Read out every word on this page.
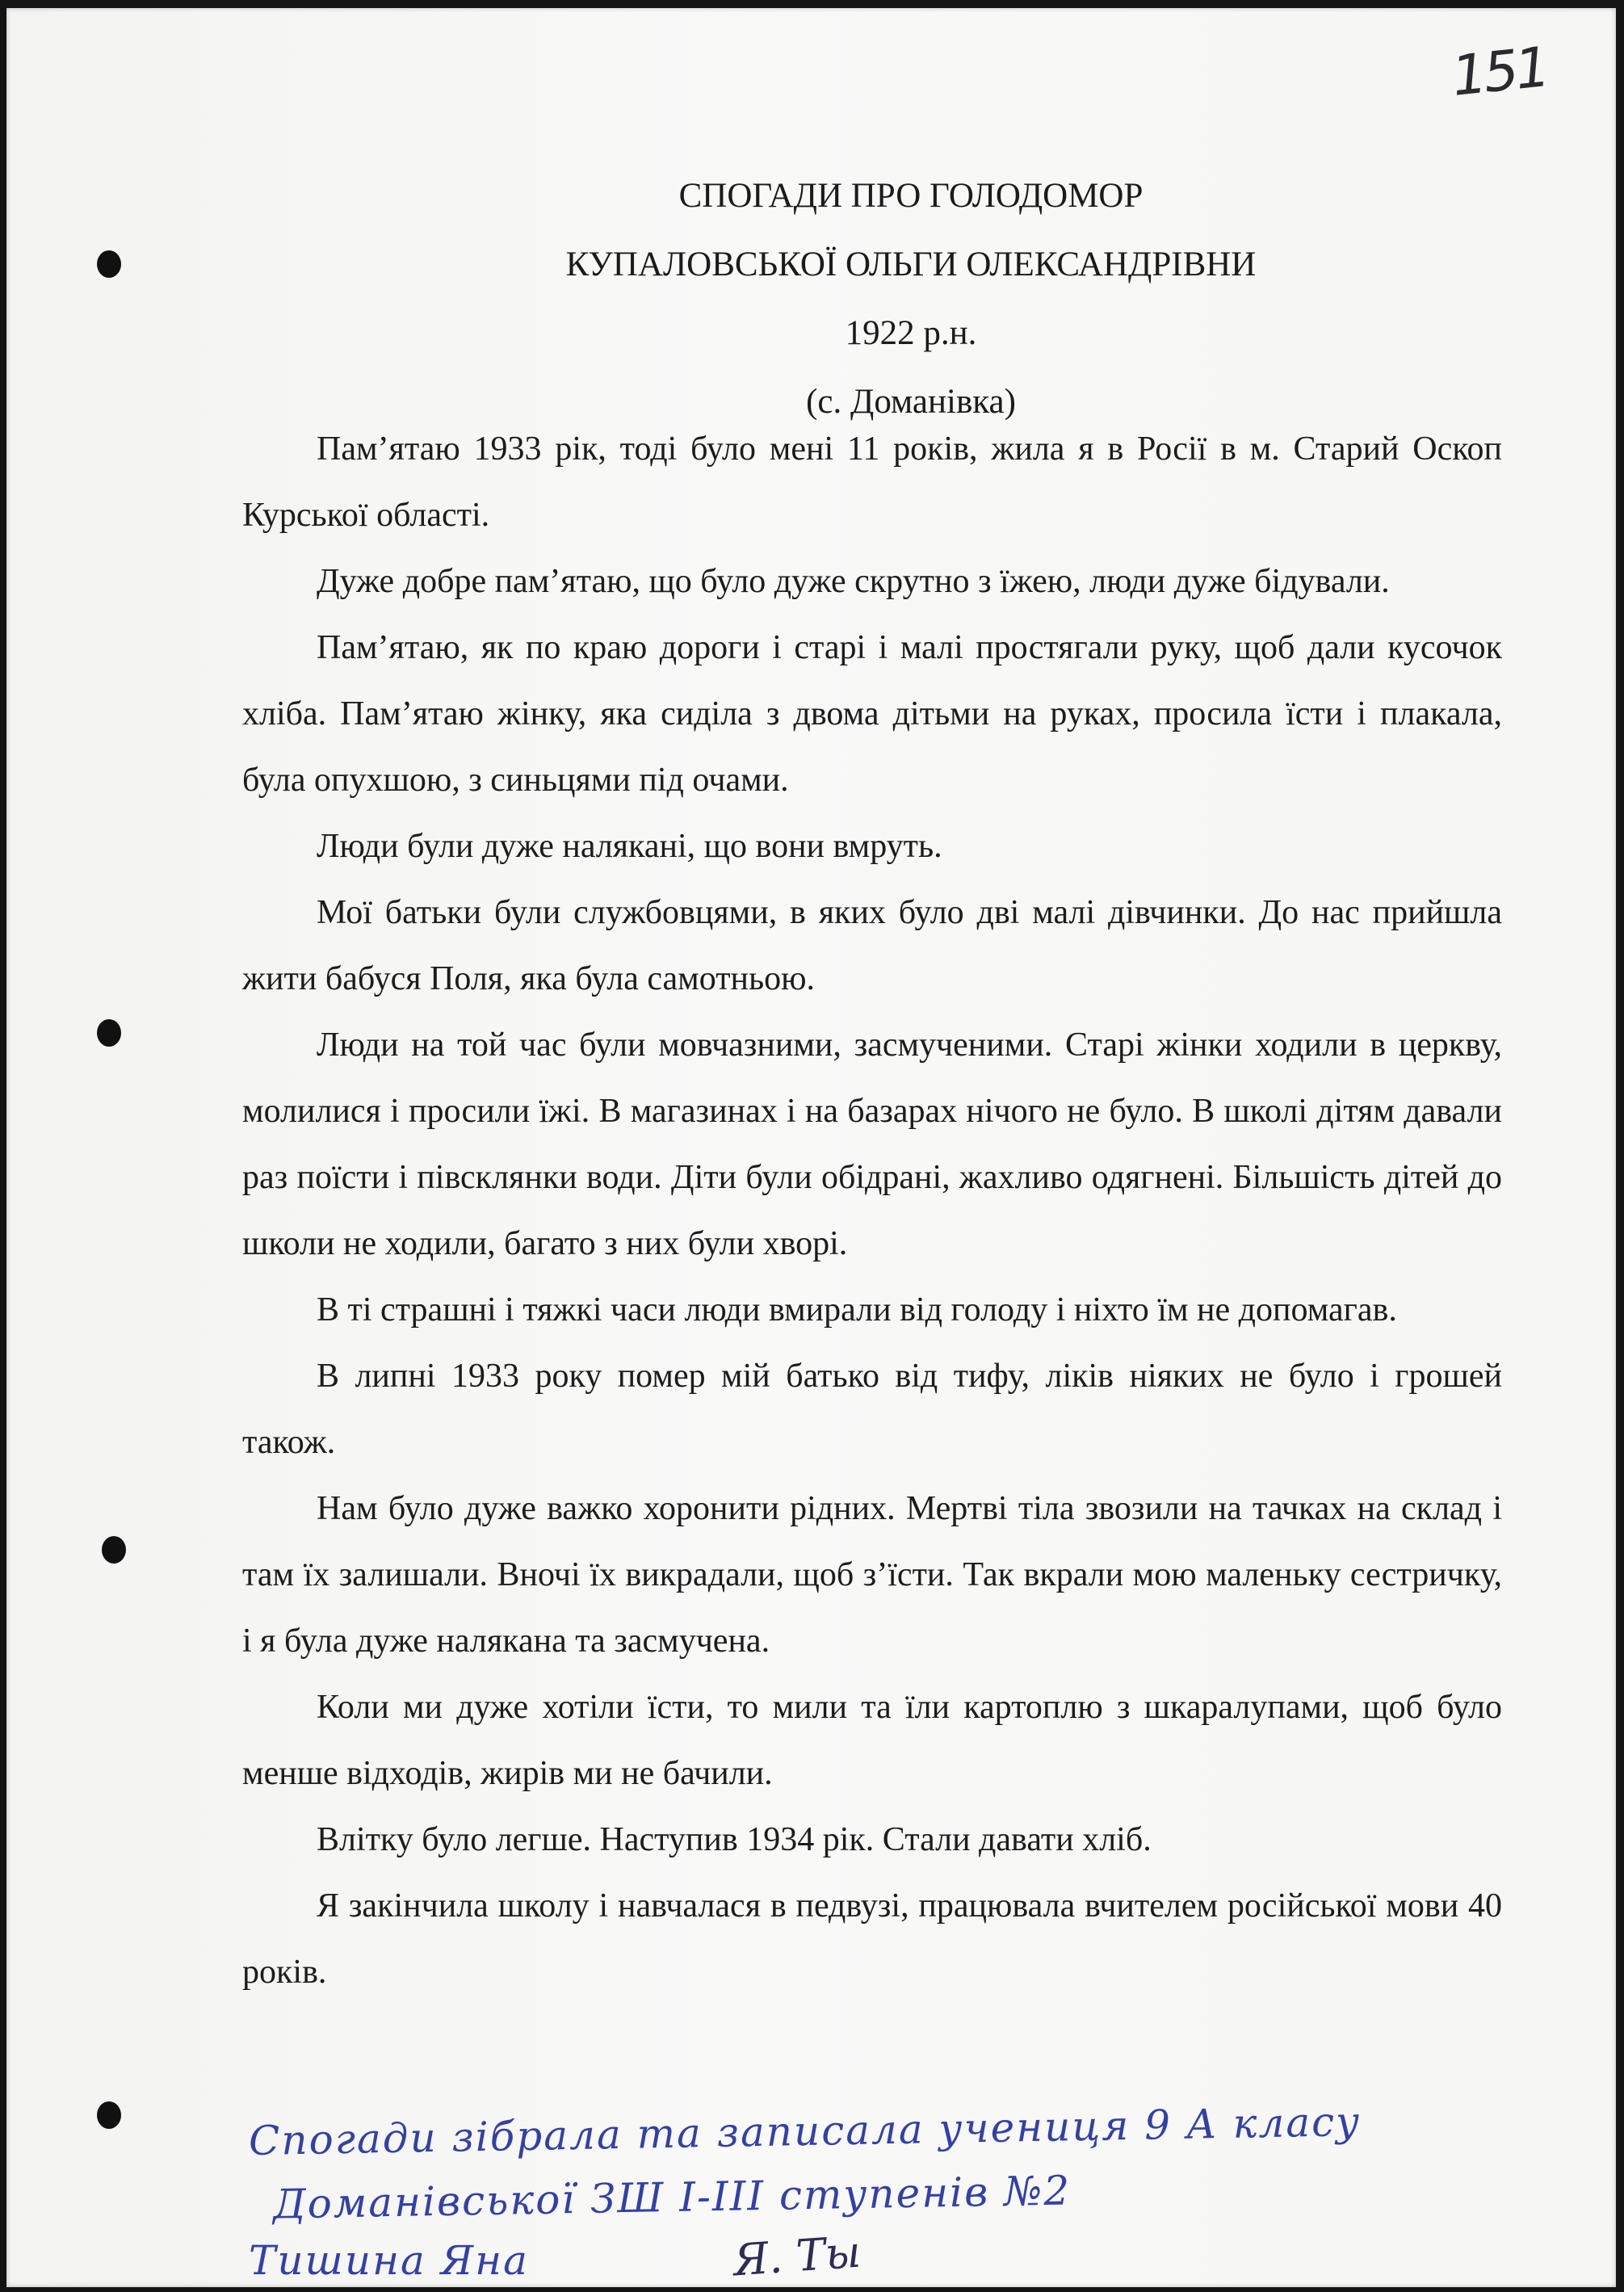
151
СПОГАДИ ПРО ГОЛОДОМОР
КУПАЛОВСЬКОЇ ОЛЬГИ ОЛЕКСАНДРІВНИ
1922 р.н.
(с. Доманівка)

Пам’ятаю 1933 рік, тоді було мені 11 років, жила я в Росії в м. Старий Оскоп Курської області.

Дуже добре пам’ятаю, що було дуже скрутно з їжею, люди дуже бідували.

Пам’ятаю, як по краю дороги і старі і малі простягали руку, щоб дали кусочок хліба. Пам’ятаю жінку, яка сиділа з двома дітьми на руках, просила їсти і плакала, була опухшою, з синьцями під очами.

Люди були дуже налякані, що вони вмруть.

Мої батьки були службовцями, в яких було дві малі дівчинки. До нас прийшла жити бабуся Поля, яка була самотньою.

Люди на той час були мовчазними, засмученими. Старі жінки ходили в церкву, молилися і просили їжі. В магазинах і на базарах нічого не було. В школі дітям давали раз поїсти і півсклянки води. Діти були обідрані, жахливо одягнені. Більшість дітей до школи не ходили, багато з них були хворі.

В ті страшні і тяжкі часи люди вмирали від голоду і ніхто їм не допомагав.

В липні 1933 року помер мій батько від тифу, ліків ніяких не було і грошей також.

Нам було дуже важко хоронити рідних. Мертві тіла звозили на тачках на склад і там їх залишали. Вночі їх викрадали, щоб з’їсти. Так вкрали мою маленьку сестричку, і я була дуже налякана та засмучена.

Коли ми дуже хотіли їсти, то мили та їли картоплю з шкаралупами, щоб було менше відходів, жирів ми не бачили.

Влітку було легше. Наступив 1934 рік. Стали давати хліб.

Я закінчила школу і навчалася в педвузі, працювала вчителем російської мови 40 років.

Спогади зібрала та записала учениця 9 А класу
Доманівської ЗШ І-ІІІ ступенів №2
Тишина Яна	Я. Ты
